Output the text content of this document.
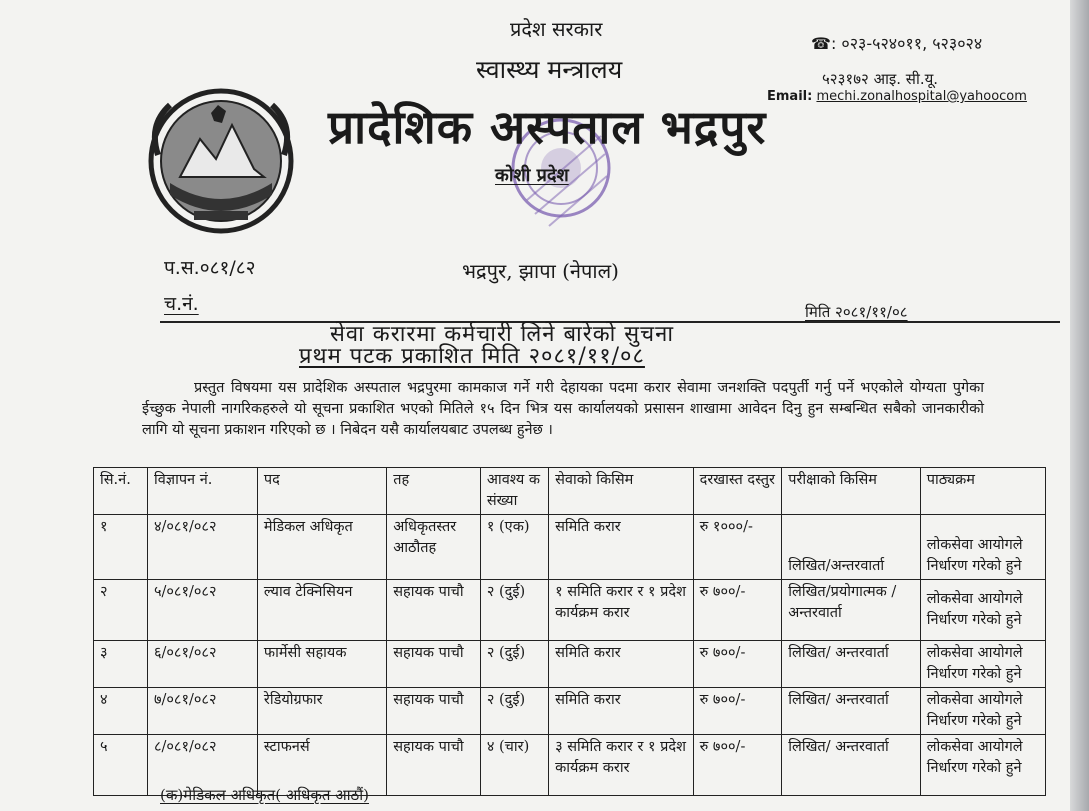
प्रदेश सरकार
स्वास्थ्य मन्त्रालय
प्रादेशिक अस्पताल भद्रपुर
कोशी प्रदेश
☎: ०२३-५२४०११, ५२३०२४
५२३१७२ आइ. सी.यू.
Email: mechi.zonalhospital@yahoocom
प.स.०८१/८२	भद्रपुर, झापा (नेपाल)
च.नं.	मिति २०८१/११/०८
सेवा करारमा कर्मचारी लिने बारेको सुचना
प्रथम पटक प्रकाशित मिति २०८१/११/०८
प्रस्तुत विषयमा यस प्रादेशिक अस्पताल भद्रपुरमा कामकाज गर्ने गरी देहायका पदमा करार सेवामा जनशक्ति पदपुर्ती गर्नु पर्ने भएकोले योग्यता पुगेका ईच्छुक नेपाली नागरिकहरुले यो सूचना प्रकाशित भएको मितिले १५ दिन भित्र यस कार्यालयको प्रसासन शाखामा आवेदन दिनु हुन सम्बन्धित सबैको जानकारीको लागि यो सूचना प्रकाशन गरिएको छ । निबेदन यसै कार्यालयबाट उपलब्ध हुनेछ ।
सि.नं.	विज्ञापन नं.	पद	तह	आवश्य क संख्या	सेवाको किसिम	दरखास्त दस्तुर	परीक्षाको किसिम	पाठ्यक्रम
१	४/०८१/०८२	मेडिकल अधिकृत	अधिकृतस्तर आठौतह	१ (एक)	समिति करार	रु १०००/-	लिखित/अन्तरवार्ता	लोकसेवा आयोगले निर्धारण गरेको हुने
२	५/०८१/०८२	ल्याव टेक्निसियन	सहायक पाचौ	२ (दुई)	१ समिति करार र १ प्रदेश कार्यक्रम करार	रु ७००/-	लिखित/प्रयोगात्मक / अन्तरवार्ता	लोकसेवा आयोगले निर्धारण गरेको हुने
३	६/०८१/०८२	फार्मेसी सहायक	सहायक पाचौ	२ (दुई)	समिति करार	रु ७००/-	लिखित/ अन्तरवार्ता	लोकसेवा आयोगले निर्धारण गरेको हुने
४	७/०८१/०८२	रेडियोग्रफार	सहायक पाचौ	२ (दुई)	समिति करार	रु ७००/-	लिखित/ अन्तरवार्ता	लोकसेवा आयोगले निर्धारण गरेको हुने
५	८/०८१/०८२	स्टाफनर्स	सहायक पाचौ	४ (चार)	३ समिति करार र १ प्रदेश कार्यक्रम करार	रु ७००/-	लिखित/ अन्तरवार्ता	लोकसेवा आयोगले निर्धारण गरेको हुने
(क)मेडिकल अधिकृत( अधिकृत आठौं)
